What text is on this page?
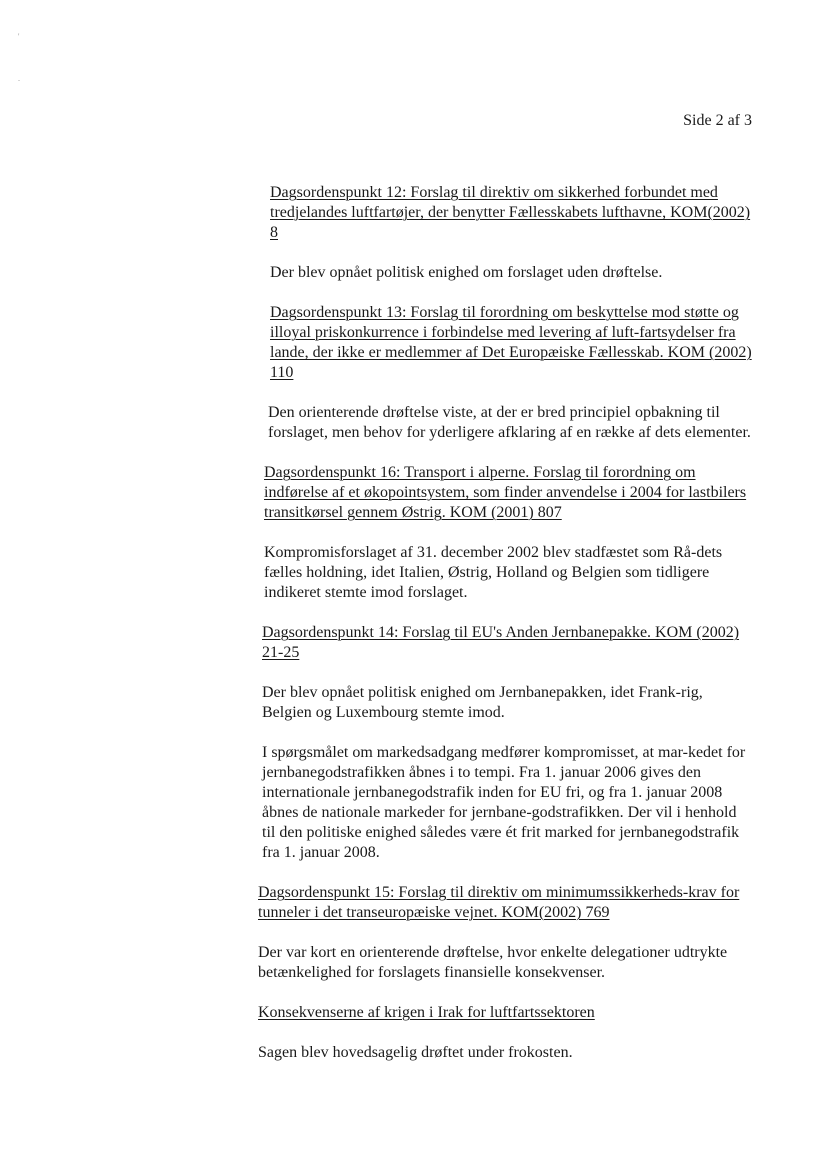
'
.
Side 2 af 3
Dagsordenspunkt 12: Forslag til direktiv om sikkerhed forbundet med tredjelandes luftfartøjer, der benytter Fællesskabets lufthavne, KOM(2002) 8
Der blev opnået politisk enighed om forslaget uden drøftelse.
Dagsordenspunkt 13: Forslag til forordning om beskyttelse mod støtte og illoyal priskonkurrence i forbindelse med levering af luft-fartsydelser fra lande, der ikke er medlemmer af Det Europæiske Fællesskab. KOM (2002) 110
Den orienterende drøftelse viste, at der er bred principiel opbakning til forslaget, men behov for yderligere afklaring af en række af dets elementer.
Dagsordenspunkt 16: Transport i alperne. Forslag til forordning om indførelse af et økopointsystem, som finder anvendelse i 2004 for lastbilers transitkørsel gennem Østrig. KOM (2001) 807
Kompromisforslaget af 31. december 2002 blev stadfæstet som Rå-dets fælles holdning, idet Italien, Østrig, Holland og Belgien som tidligere indikeret stemte imod forslaget.
Dagsordenspunkt 14: Forslag til EU's Anden Jernbanepakke. KOM (2002) 21-25
Der blev opnået politisk enighed om Jernbanepakken, idet Frank-rig, Belgien og Luxembourg stemte imod.
I spørgsmålet om markedsadgang medfører kompromisset, at mar-kedet for jernbanegodstrafikken åbnes i to tempi. Fra 1. januar 2006 gives den internationale jernbanegodstrafik inden for EU fri, og fra 1. januar 2008 åbnes de nationale markeder for jernbane-godstrafikken. Der vil i henhold til den politiske enighed således være ét frit marked for jernbanegodstrafik fra 1. januar 2008.
Dagsordenspunkt 15: Forslag til direktiv om minimumssikkerheds-krav for tunneler i det transeuropæiske vejnet. KOM(2002) 769
Der var kort en orienterende drøftelse, hvor enkelte delegationer udtrykte betænkelighed for forslagets finansielle konsekvenser.
Konsekvenserne af krigen i Irak for luftfartssektoren
Sagen blev hovedsagelig drøftet under frokosten.
